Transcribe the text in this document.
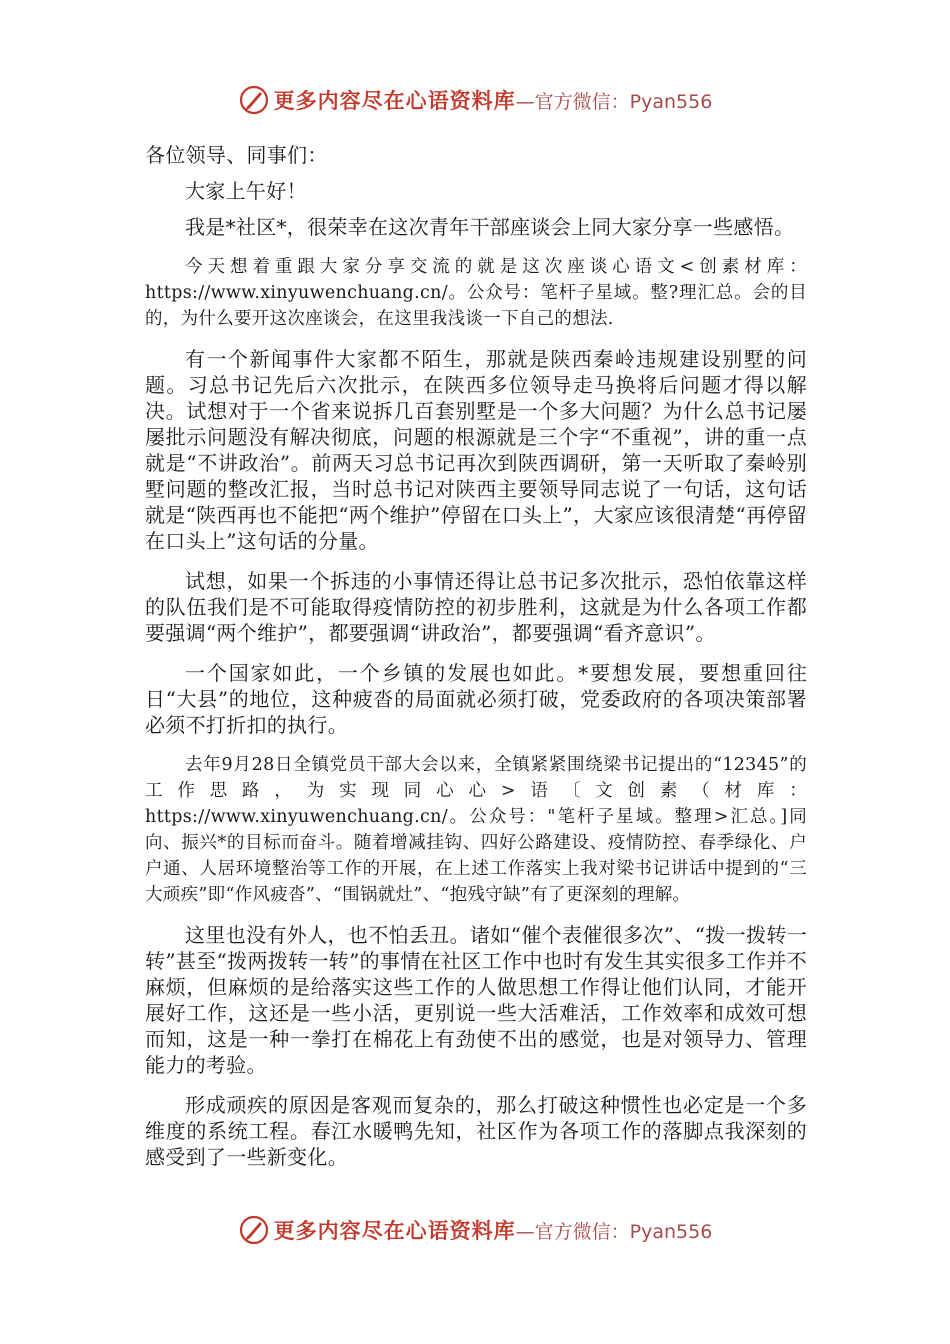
更多内容尽在心语资料库 —官方微信：Pyan556

各位领导、同事们：

大家上午好！

我是*社区*，很荣幸在这次青年干部座谈会上同大家分享一些感悟。

今天想着重跟大家分享交流的就是这次座谈心语文<创素材库：https://www.xinyuwenchuang.cn/。公众号：笔杆子星域。整?理汇总。会的目的，为什么要开这次座谈会，在这里我浅谈一下自己的想法.

有一个新闻事件大家都不陌生，那就是陕西秦岭违规建设别墅的问题。习总书记先后六次批示，在陕西多位领导走马换将后问题才得以解决。试想对于一个省来说拆几百套别墅是一个多大问题？为什么总书记屡屡批示问题没有解决彻底，问题的根源就是三个字“不重视”，讲的重一点就是“不讲政治”。前两天习总书记再次到陕西调研，第一天听取了秦岭别墅问题的整改汇报，当时总书记对陕西主要领导同志说了一句话，这句话就是“陕西再也不能把“两个维护”停留在口头上”，大家应该很清楚“再停留在口头上”这句话的分量。

试想，如果一个拆违的小事情还得让总书记多次批示，恐怕依靠这样的队伍我们是不可能取得疫情防控的初步胜利，这就是为什么各项工作都要强调“两个维护”，都要强调“讲政治”，都要强调“看齐意识”。

一个国家如此，一个乡镇的发展也如此。*要想发展，要想重回往日“大县”的地位，这种疲沓的局面就必须打破，党委政府的各项决策部署必须不打折扣的执行。

去年9月28日全镇党员干部大会以来，全镇紧紧围绕梁书记提出的“12345”的工作思路，为实现同心心>语〔文创素（材库：https://www.xinyuwenchuang.cn/。公众号："笔杆子星域。整理>汇总。]同向、振兴*的目标而奋斗。随着增减挂钩、四好公路建设、疫情防控、春季绿化、户户通、人居环境整治等工作的开展，在上述工作落实上我对梁书记讲话中提到的“三大顽疾”即“作风疲沓”、“围锅就灶”、“抱残守缺”有了更深刻的理解。

这里也没有外人，也不怕丢丑。诸如“催个表催很多次”、“拨一拨转一转”甚至“拨两拨转一转”的事情在社区工作中也时有发生其实很多工作并不麻烦，但麻烦的是给落实这些工作的人做思想工作得让他们认同，才能开展好工作，这还是一些小活，更别说一些大活难活，工作效率和成效可想而知，这是一种一拳打在棉花上有劲使不出的感觉，也是对领导力、管理能力的考验。

形成顽疾的原因是客观而复杂的，那么打破这种惯性也必定是一个多维度的系统工程。春江水暖鸭先知，社区作为各项工作的落脚点我深刻的感受到了一些新变化。

更多内容尽在心语资料库 —官方微信：Pyan556
